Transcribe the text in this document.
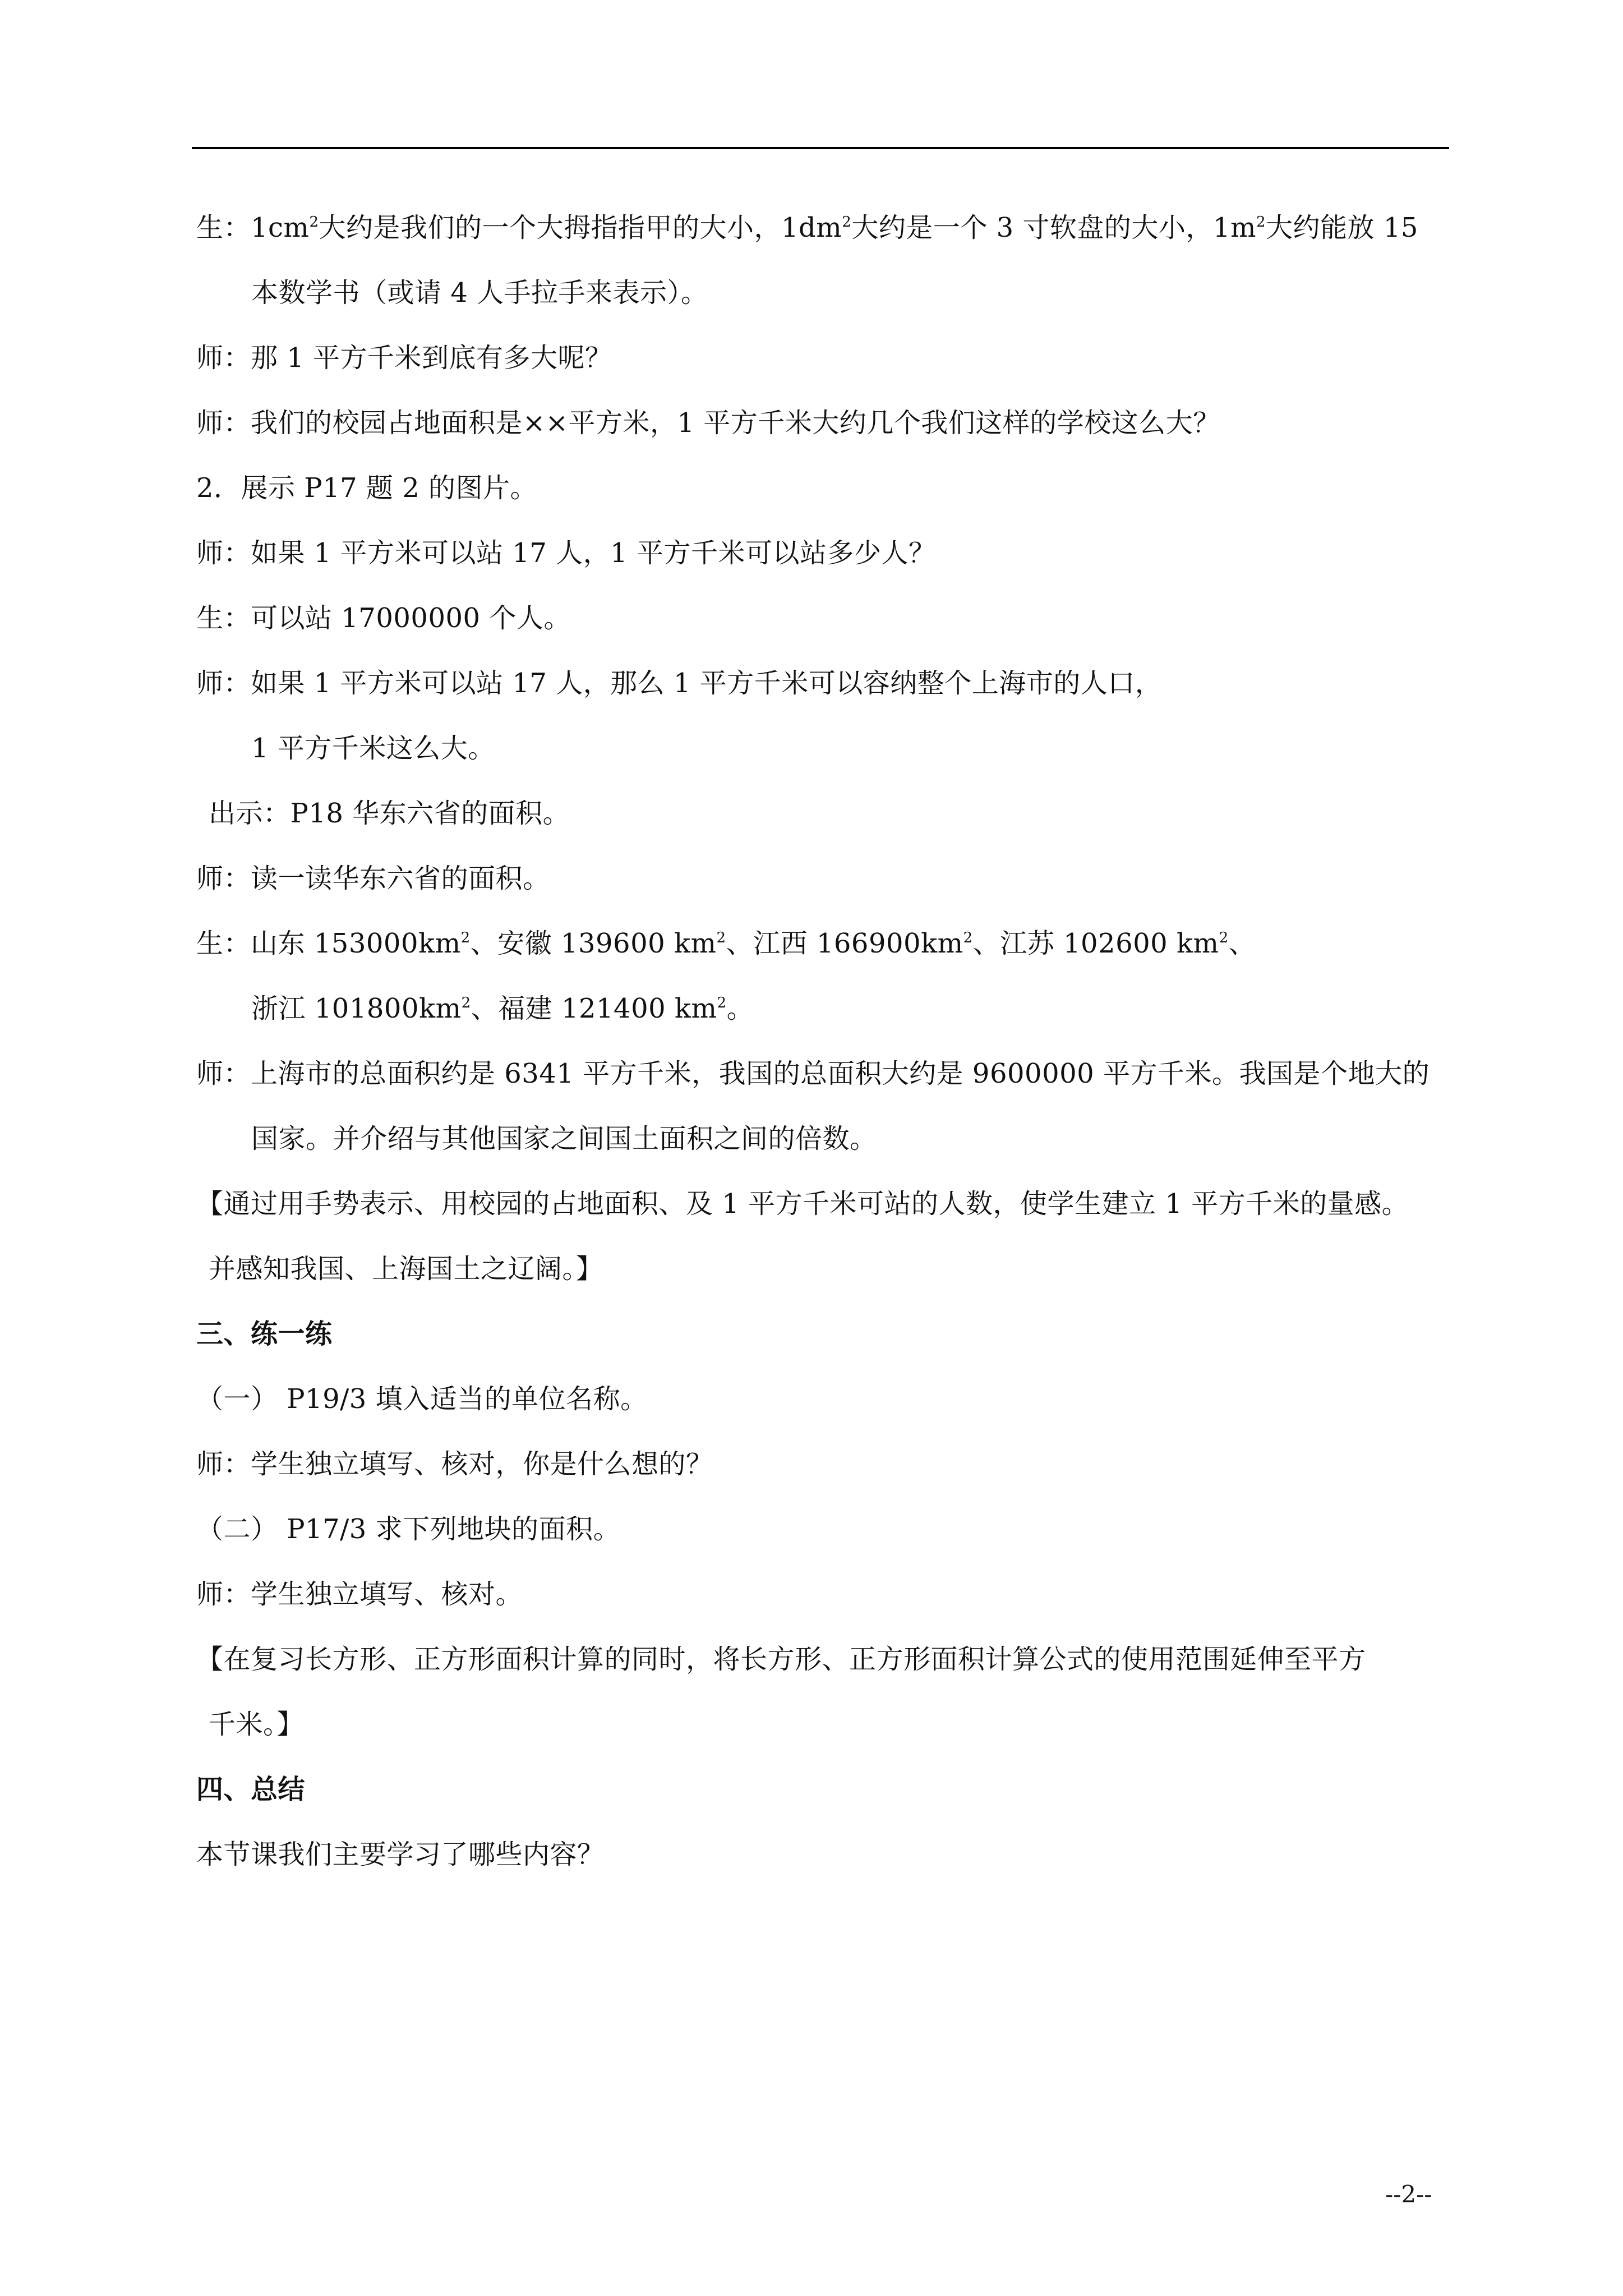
生：$1cm^2$大约是我们的一个大拇指指甲的大小，$1dm^2$大约是一个 3 寸软盘的大小，$1m^2$大约能放 15
本数学书（或请 4 人手拉手来表示）。
师：那 1 平方千米到底有多大呢？
师：我们的校园占地面积是××平方米，1 平方千米大约几个我们这样的学校这么大？
2．展示 P17 题 2 的图片。
师：如果 1 平方米可以站 17 人，1 平方千米可以站多少人？
生：可以站 17000000 个人。
师：如果 1 平方米可以站 17 人，那么 1 平方千米可以容纳整个上海市的人口，
1 平方千米这么大。
出示：P18 华东六省的面积。
师：读一读华东六省的面积。
生：山东 $153000km^2$、安徽 139600 $km^2$、江西 $166900km^2$、江苏 102600 $km^2$、
浙江 $101800km^2$、福建 121400 $km^2$。
师：上海市的总面积约是 6341 平方千米，我国的总面积大约是 9600000 平方千米。我国是个地大的
国家。并介绍与其他国家之间国土面积之间的倍数。
【通过用手势表示、用校园的占地面积、及 1 平方千米可站的人数，使学生建立 1 平方千米的量感。
并感知我国、上海国土之辽阔。】
三、练一练
（一） P19/3 填入适当的单位名称。
师：学生独立填写、核对，你是什么想的？
（二） P17/3 求下列地块的面积。
师：学生独立填写、核对。
【在复习长方形、正方形面积计算的同时，将长方形、正方形面积计算公式的使用范围延伸至平方
千米。】
四、总结
本节课我们主要学习了哪些内容？
--2--
